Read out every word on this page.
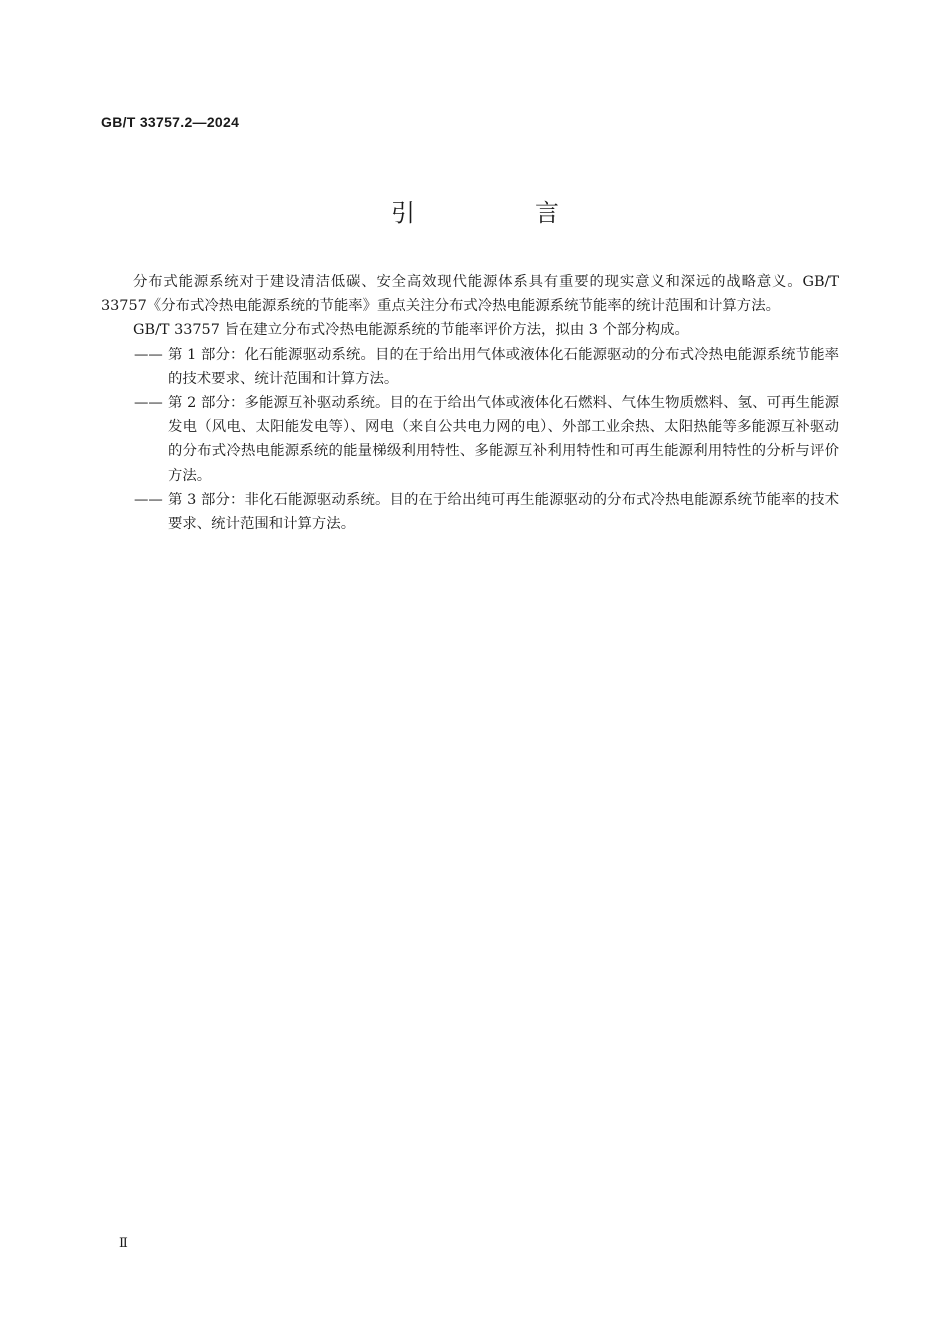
GB/T 33757.2—2024
引　言

分布式能源系统对于建设清洁低碳、安全高效现代能源体系具有重要的现实意义和深远的战略意义。GB/T 33757《分布式冷热电能源系统的节能率》重点关注分布式冷热电能源系统节能率的统计范围和计算方法。

GB/T 33757 旨在建立分布式冷热电能源系统的节能率评价方法，拟由 3 个部分构成。

—— 第 1 部分：化石能源驱动系统。目的在于给出用气体或液体化石能源驱动的分布式冷热电能源系统节能率的技术要求、统计范围和计算方法。
—— 第 2 部分：多能源互补驱动系统。目的在于给出气体或液体化石燃料、气体生物质燃料、氢、可再生能源发电（风电、太阳能发电等）、网电（来自公共电力网的电）、外部工业余热、太阳热能等多能源互补驱动的分布式冷热电能源系统的能量梯级利用特性、多能源互补利用特性和可再生能源利用特性的分析与评价方法。
—— 第 3 部分：非化石能源驱动系统。目的在于给出纯可再生能源驱动的分布式冷热电能源系统节能率的技术要求、统计范围和计算方法。
Ⅱ
